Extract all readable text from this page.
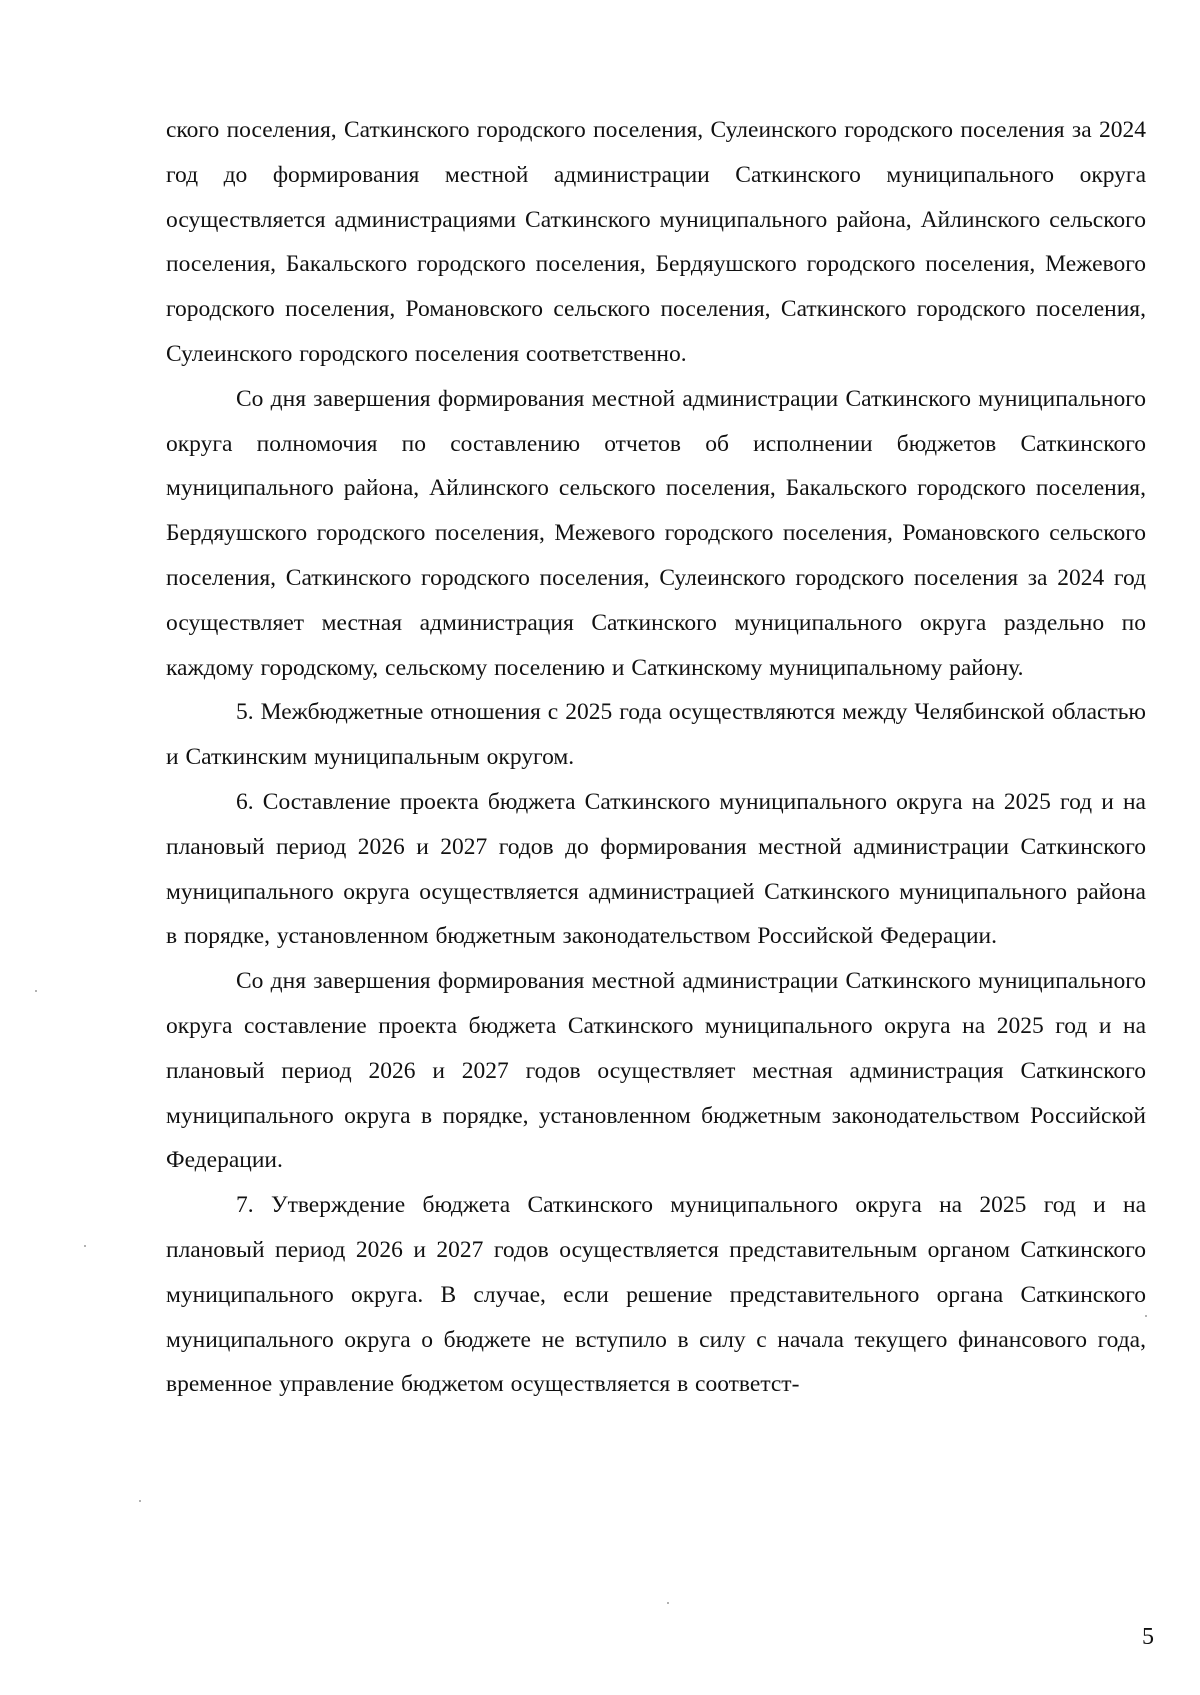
ского поселения, Саткинского городского поселения, Сулеинского городского поселения за 2024 год до формирования местной администрации Саткинского муниципального округа осуществляется администрациями Саткинского муниципального района, Айлинского сельского поселения, Бакальского городского поселения, Бердяушского городского поселения, Межевого городского поселения, Романовского сельского поселения, Саткинского городского поселения, Сулеинского городского поселения соответственно.

Со дня завершения формирования местной администрации Саткинского муниципального округа полномочия по составлению отчетов об исполнении бюджетов Саткинского муниципального района, Айлинского сельского поселения, Бакальского городского поселения, Бердяушского городского поселения, Межевого городского поселения, Романовского сельского поселения, Саткинского городского поселения, Сулеинского городского поселения за 2024 год осуществляет местная администрация Саткинского муниципального округа раздельно по каждому городскому, сельскому поселению и Саткинскому муниципальному району.

5. Межбюджетные отношения с 2025 года осуществляются между Челябинской областью и Саткинским муниципальным округом.

6. Составление проекта бюджета Саткинского муниципального округа на 2025 год и на плановый период 2026 и 2027 годов до формирования местной администрации Саткинского муниципального округа осуществляется администрацией Саткинского муниципального района в порядке, установленном бюджетным законодательством Российской Федерации.

Со дня завершения формирования местной администрации Саткинского муниципального округа составление проекта бюджета Саткинского муниципального округа на 2025 год и на плановый период 2026 и 2027 годов осуществляет местная администрация Саткинского муниципального округа в порядке, установленном бюджетным законодательством Российской Федерации.

7. Утверждение бюджета Саткинского муниципального округа на 2025 год и на плановый период 2026 и 2027 годов осуществляется представительным органом Саткинского муниципального округа. В случае, если решение представительного органа Саткинского муниципального округа о бюджете не вступило в силу с начала текущего финансового года, временное управление бюджетом осуществляется в соответст-

5
